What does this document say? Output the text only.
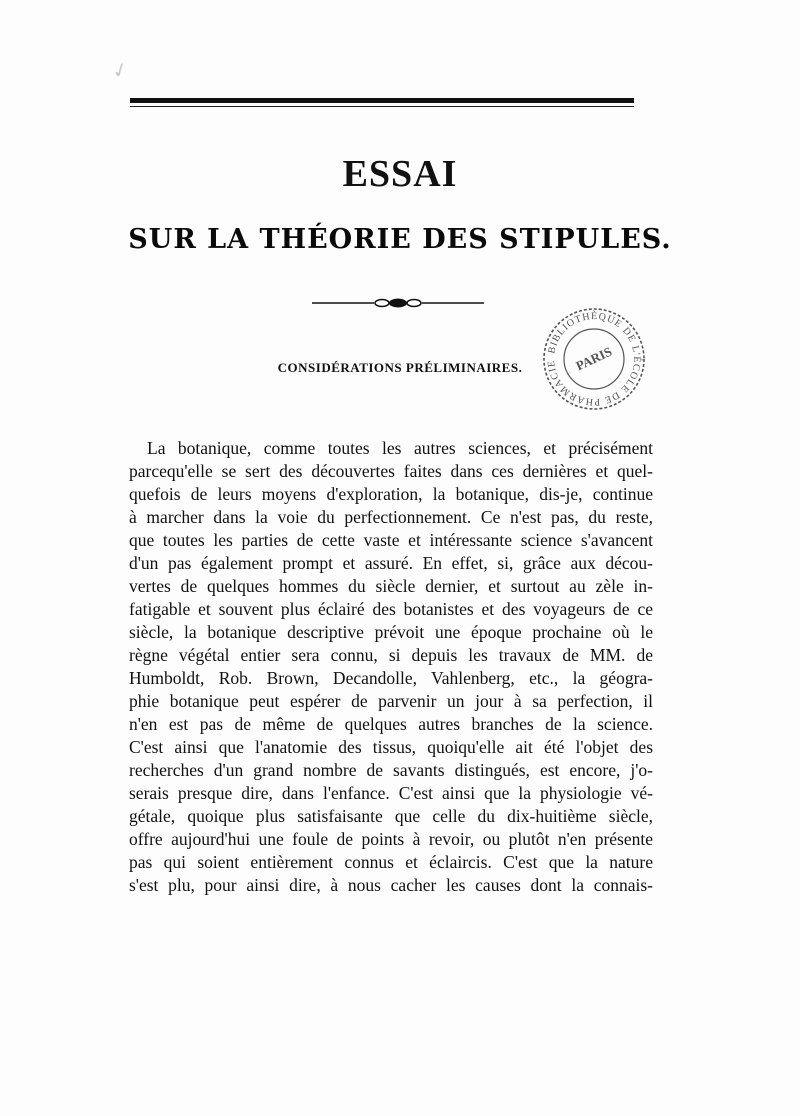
✓
ESSAI
SUR LA THÉORIE DES STIPULES.
CONSIDÉRATIONS PRÉLIMINAIRES.
BIBLIOTHÈQUE DE L'ÉCOLE DE PHARMACIE	PARIS
La botanique, comme toutes les autres sciences, et précisément
parcequ'elle se sert des découvertes faites dans ces dernières et quel-
quefois de leurs moyens d'exploration, la botanique, dis-je, continue
à marcher dans la voie du perfectionnement. Ce n'est pas, du reste,
que toutes les parties de cette vaste et intéressante science s'avancent
d'un pas également prompt et assuré. En effet, si, grâce aux décou-
vertes de quelques hommes du siècle dernier, et surtout au zèle in-
fatigable et souvent plus éclairé des botanistes et des voyageurs de ce
siècle, la botanique descriptive prévoit une époque prochaine où le
règne végétal entier sera connu, si depuis les travaux de MM. de
Humboldt, Rob. Brown, Decandolle, Vahlenberg, etc., la géogra-
phie botanique peut espérer de parvenir un jour à sa perfection, il
n'en est pas de même de quelques autres branches de la science.
C'est ainsi que l'anatomie des tissus, quoiqu'elle ait été l'objet des
recherches d'un grand nombre de savants distingués, est encore, j'o-
serais presque dire, dans l'enfance. C'est ainsi que la physiologie vé-
gétale, quoique plus satisfaisante que celle du dix-huitième siècle,
offre aujourd'hui une foule de points à revoir, ou plutôt n'en présente
pas qui soient entièrement connus et éclaircis. C'est que la nature
s'est plu, pour ainsi dire, à nous cacher les causes dont la connais-
